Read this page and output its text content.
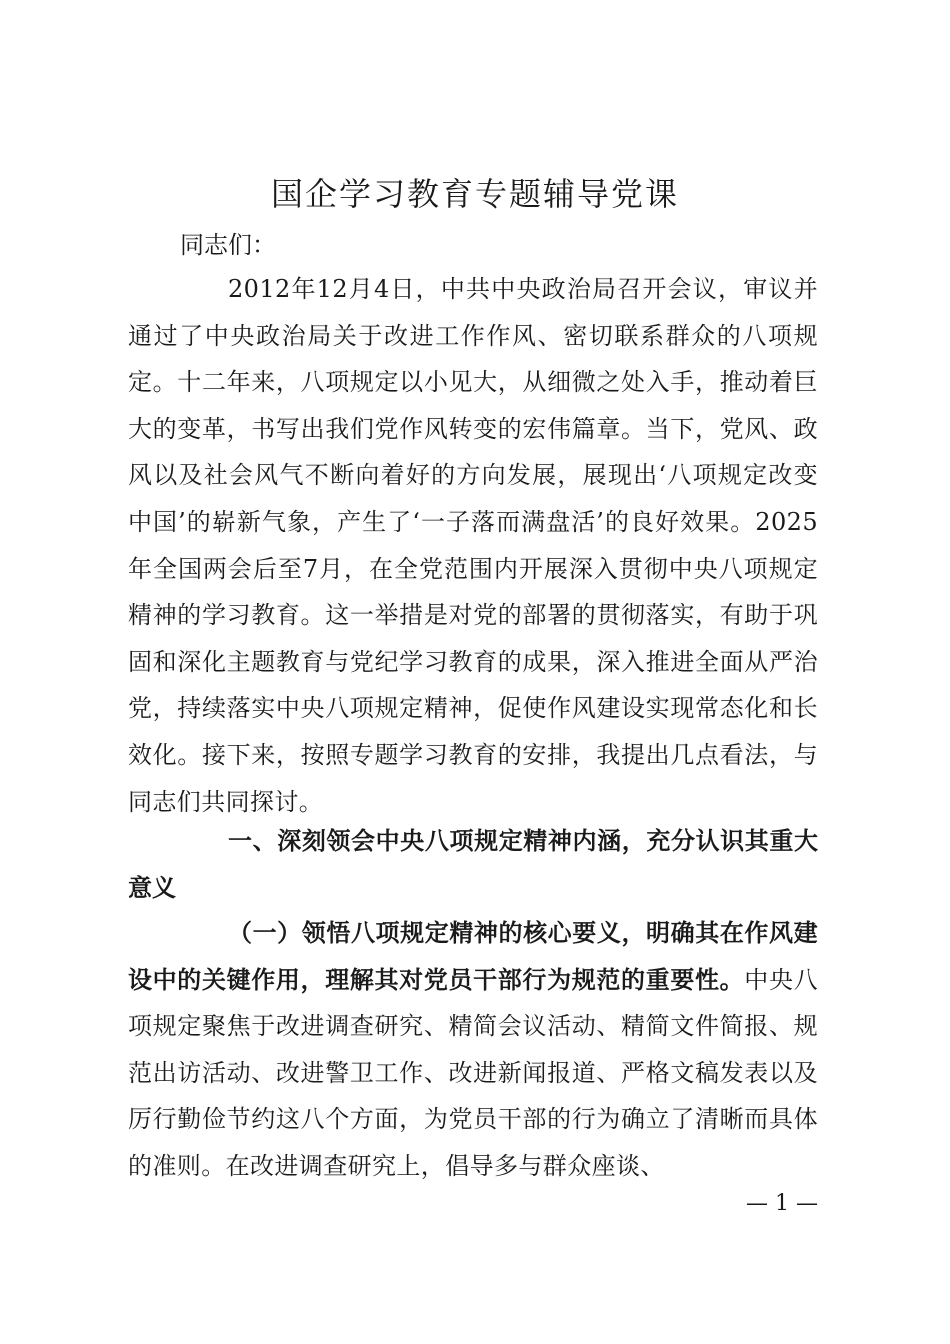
国企学习教育专题辅导党课

同志们：

2012年12月4日，中共中央政治局召开会议，审议并通过了中央政治局关于改进工作作风、密切联系群众的八项规定。十二年来，八项规定以小见大，从细微之处入手，推动着巨大的变革，书写出我们党作风转变的宏伟篇章。当下，党风、政风以及社会风气不断向着好的方向发展，展现出‘八项规定改变中国’的崭新气象，产生了‘一子落而满盘活’的良好效果。2025年全国两会后至7月，在全党范围内开展深入贯彻中央八项规定精神的学习教育。这一举措是对党的部署的贯彻落实，有助于巩固和深化主题教育与党纪学习教育的成果，深入推进全面从严治党，持续落实中央八项规定精神，促使作风建设实现常态化和长效化。接下来，按照专题学习教育的安排，我提出几点看法，与同志们共同探讨。

一、深刻领会中央八项规定精神内涵，充分认识其重大意义

（一）领悟八项规定精神的核心要义，明确其在作风建设中的关键作用，理解其对党员干部行为规范的重要性。中央八项规定聚焦于改进调查研究、精简会议活动、精简文件简报、规范出访活动、改进警卫工作、改进新闻报道、严格文稿发表以及厉行勤俭节约这八个方面，为党员干部的行为确立了清晰而具体的准则。在改进调查研究上，倡导多与群众座谈、

— 1 —
